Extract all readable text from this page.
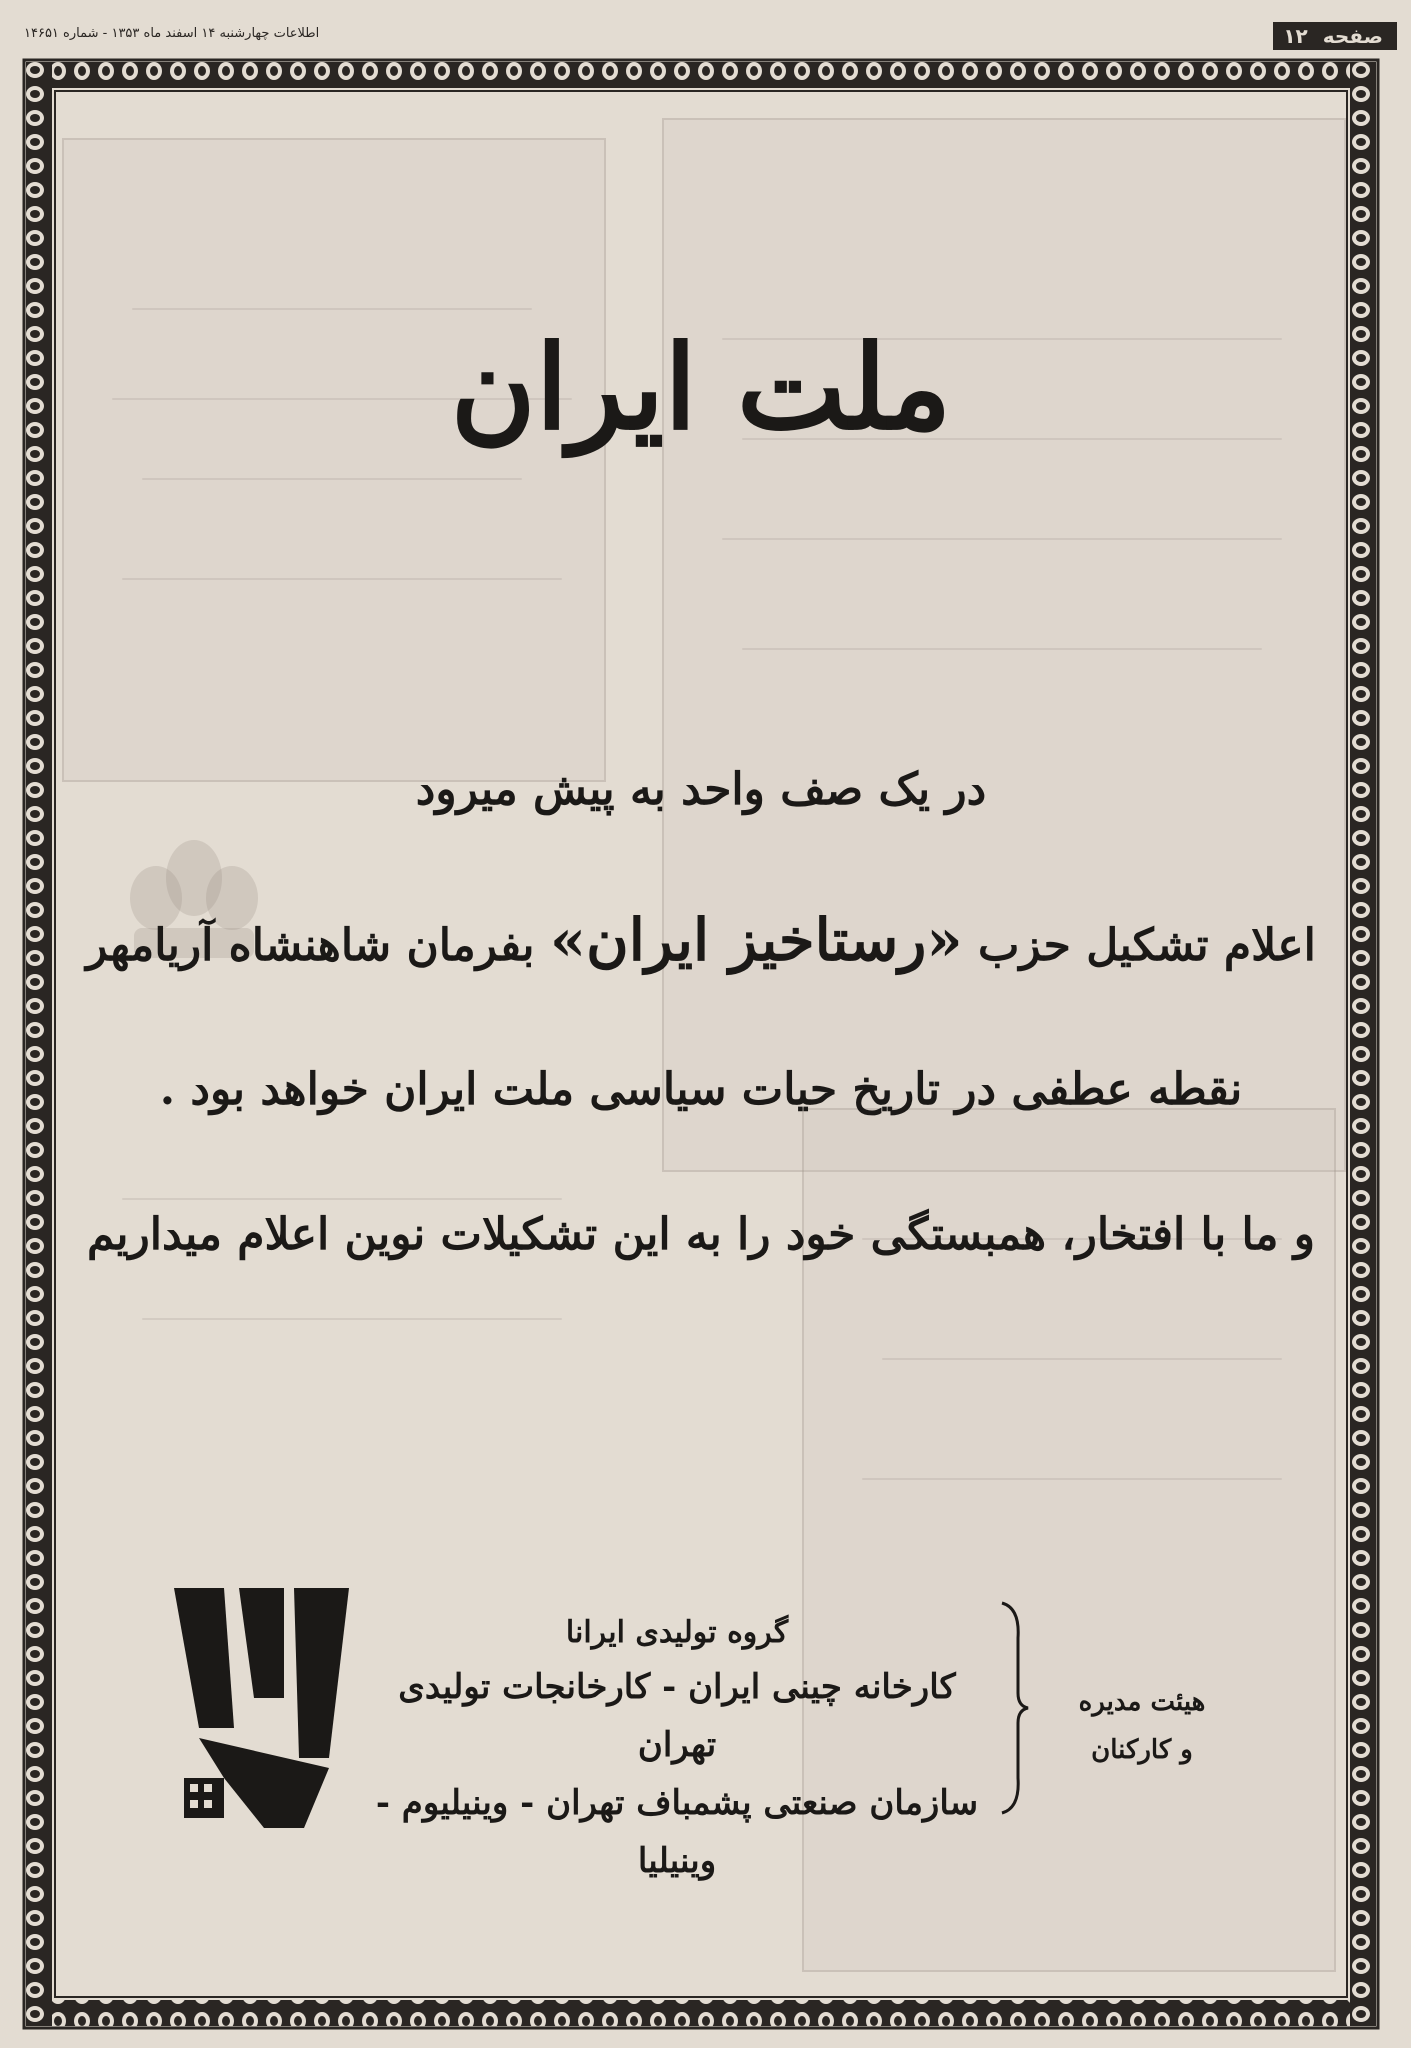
صفحه ۱۲
اطلاعات چهارشنبه ۱۴ اسفند ماه ۱۳۵۳ - شماره ۱۴۶۵۱
ملت ایران
در یک صف واحد به پیش میرود
اعلام تشکیل حزب «رستاخیز ایران» بفرمان شاهنشاه آریامهر
نقطه عطفی در تاریخ حیات سیاسی ملت ایران خواهد بود .
و ما با افتخار، همبستگی خود را به این تشکیلات نوین اعلام میداریم
گروه تولیدی ایرانا
کارخانه چینی ایران - کارخانجات تولیدی تهران
سازمان صنعتی پشمباف تهران - وینیلیوم - وینیلیا
هیئت مدیره
و کارکنان
